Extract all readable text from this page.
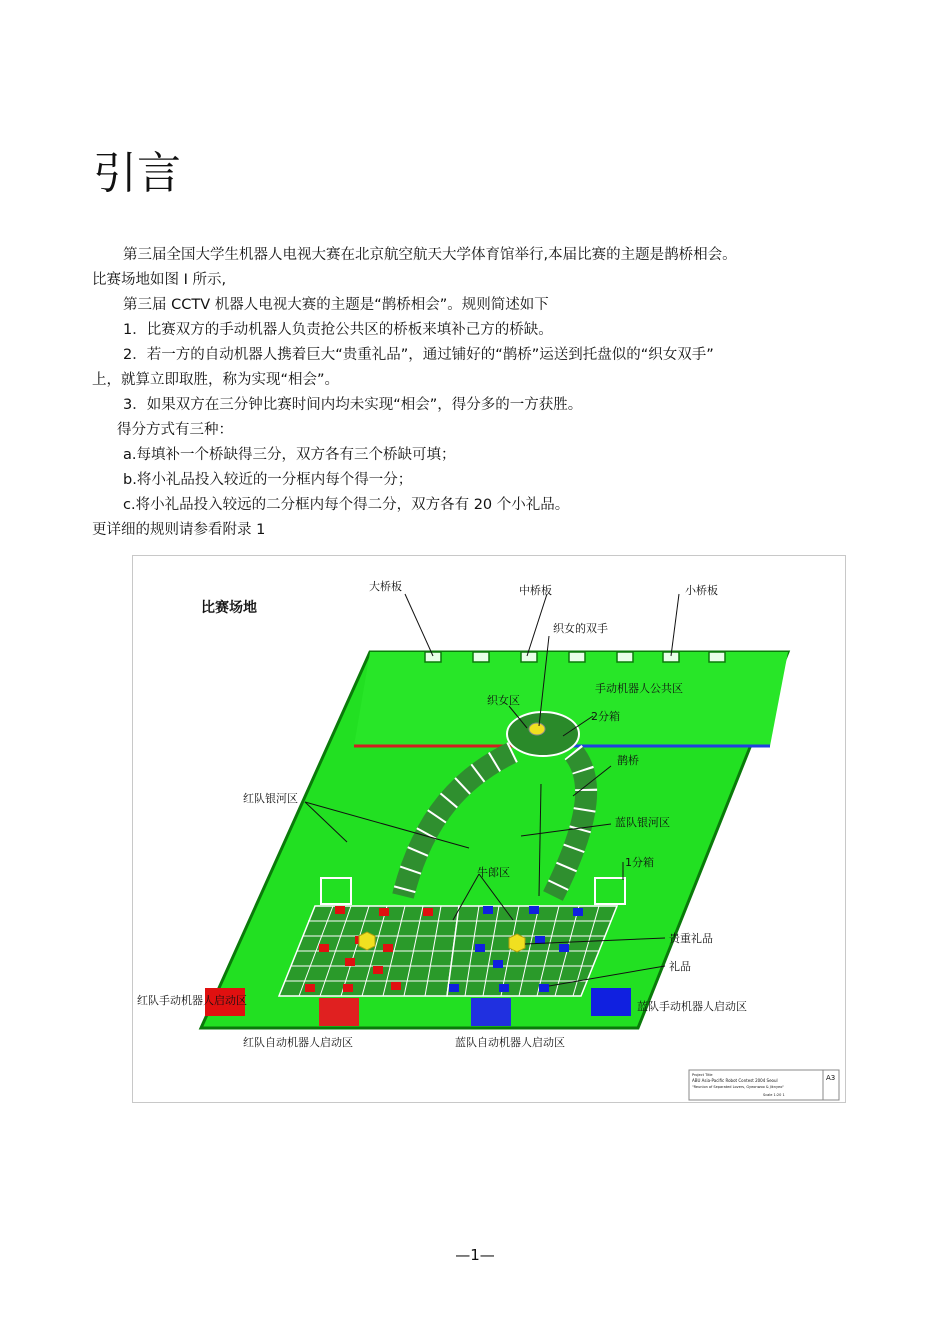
引言

第三届全国大学生机器人电视大赛在北京航空航天大学体育馆举行,本届比赛的主题是鹊桥相会。

比赛场地如图 I 所示,

第三届 CCTV 机器人电视大赛的主题是“鹊桥相会”。规则简述如下

1．比赛双方的手动机器人负责抢公共区的桥板来填补己方的桥缺。

2．若一方的自动机器人携着巨大“贵重礼品”，通过铺好的“鹊桥”运送到托盘似的“织女双手”

上，就算立即取胜，称为实现“相会”。

3．如果双方在三分钟比赛时间内均未实现“相会”，得分多的一方获胜。

得分方式有三种：

a.每填补一个桥缺得三分，双方各有三个桥缺可填；

b.将小礼品投入较近的一分框内每个得一分；

c.将小礼品投入较远的二分框内每个得二分，双方各有 20 个小礼品。

更详细的规则请参看附录 1

比赛场地
大桥板	中桥板	小桥板
织女的双手
手动机器人公共区
织女区
2分箱
鹊桥
红队银河区
蓝队银河区
1分箱
牛郎区
贵重礼品
礼品
红队手动机器人启动区	蓝队手动机器人启动区
红队自动机器人启动区	蓝队自动机器人启动区
A3
Project Title
ABU Asia-Pacific Robot Contest 2004 Seoul
"Reunion of Separated Lovers, Gyeonwoo & Jiknyeo"
Scale 1:20 1
—1—
